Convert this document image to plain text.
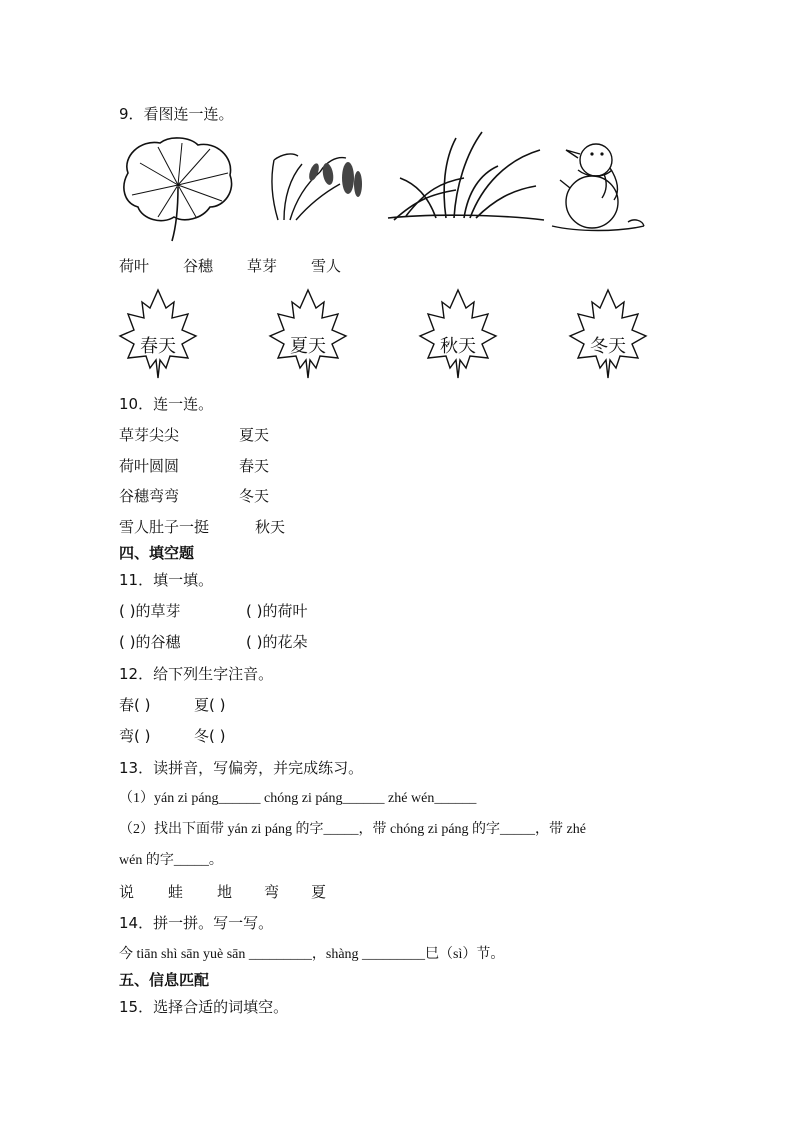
9．看图连一连。
荷叶 谷穗 草芽 雪人
春天	夏天	秋天	冬天
10．连一连。
草芽尖尖	夏天
荷叶圆圆	春天
谷穗弯弯	冬天
雪人肚子一挺	秋天
四、填空题
11．填一填。
( )的草芽	( )的荷叶
( )的谷穗	( )的花朵
12．给下列生字注音。
春( )	夏( )
弯( )	冬( )
13．读拼音，写偏旁，并完成练习。
（1）yán zi páng______ chóng zi páng______ zhé wén______
（2）找出下面带 yán zi páng 的字_____，带 chóng zi páng 的字_____，带 zhé
wén 的字_____。
说 蛙 地 弯 夏
14．拼一拼。写一写。
今 tiān shì sān yuè sān _________，shàng _________巳（sì）节。
五、信息匹配
15．选择合适的词填空。
